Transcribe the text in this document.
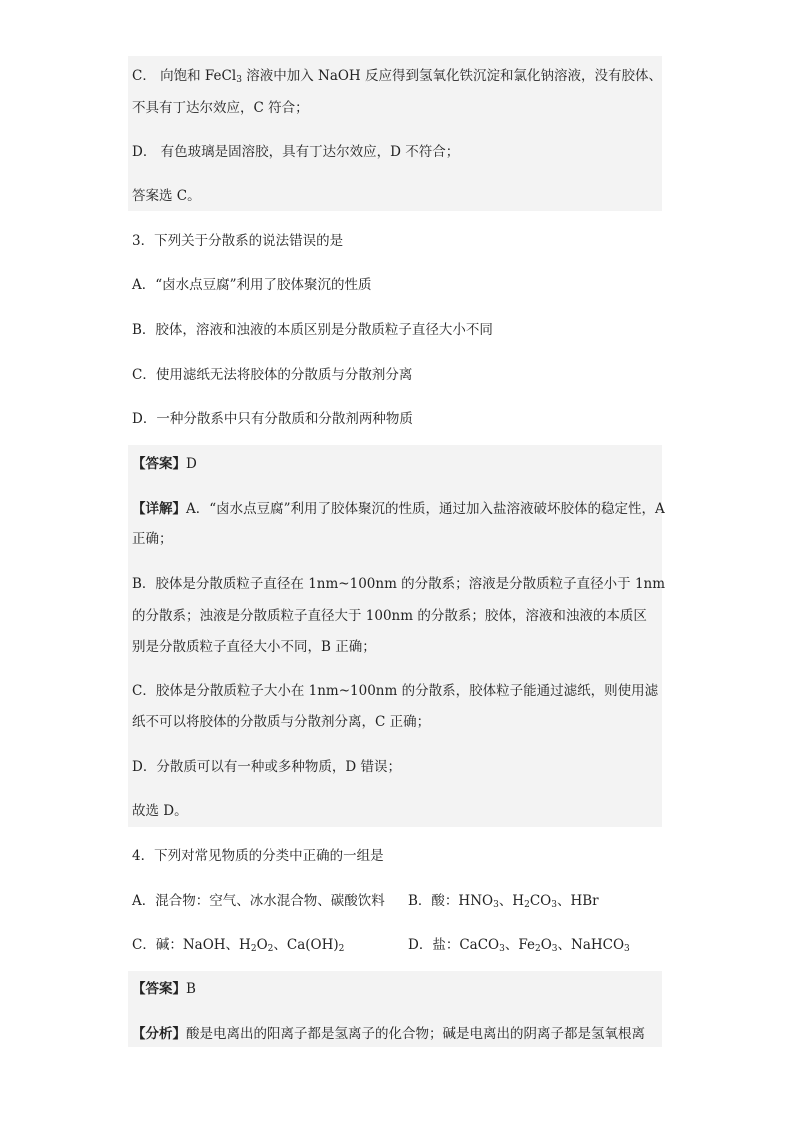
C． 向饱和 FeCl$_3$ 溶液中加入 NaOH 反应得到氢氧化铁沉淀和氯化钠溶液，没有胶体、
不具有丁达尔效应，C 符合；
D． 有色玻璃是固溶胶，具有丁达尔效应，D 不符合；
答案选 C。
3．下列关于分散系的说法错误的是
A．“卤水点豆腐”利用了胶体聚沉的性质
B．胶体，溶液和浊液的本质区别是分散质粒子直径大小不同
C．使用滤纸无法将胶体的分散质与分散剂分离
D．一种分散系中只有分散质和分散剂两种物质
【答案】D
【详解】A．“卤水点豆腐”利用了胶体聚沉的性质，通过加入盐溶液破坏胶体的稳定性，A
正确；
B．胶体是分散质粒子直径在 1nm~100nm 的分散系；溶液是分散质粒子直径小于 1nm
的分散系；浊液是分散质粒子直径大于 100nm 的分散系；胶体，溶液和浊液的本质区
别是分散质粒子直径大小不同，B 正确；
C．胶体是分散质粒子大小在 1nm~100nm 的分散系，胶体粒子能通过滤纸，则使用滤
纸不可以将胶体的分散质与分散剂分离，C 正确；
D．分散质可以有一种或多种物质，D 错误；
故选 D。
4．下列对常见物质的分类中正确的一组是
A．混合物：空气、冰水混合物、碳酸饮料 B．酸：$HNO_3$、$H_2CO_3$、HBr
C．碱：NaOH、$H_2O_2$、$Ca(OH)_2$	D．盐：CaCO$_3$、$Fe_2O_3$、NaHCO$_3$
【答案】B
【分析】酸是电离出的阳离子都是氢离子的化合物；碱是电离出的阴离子都是氢氧根离
